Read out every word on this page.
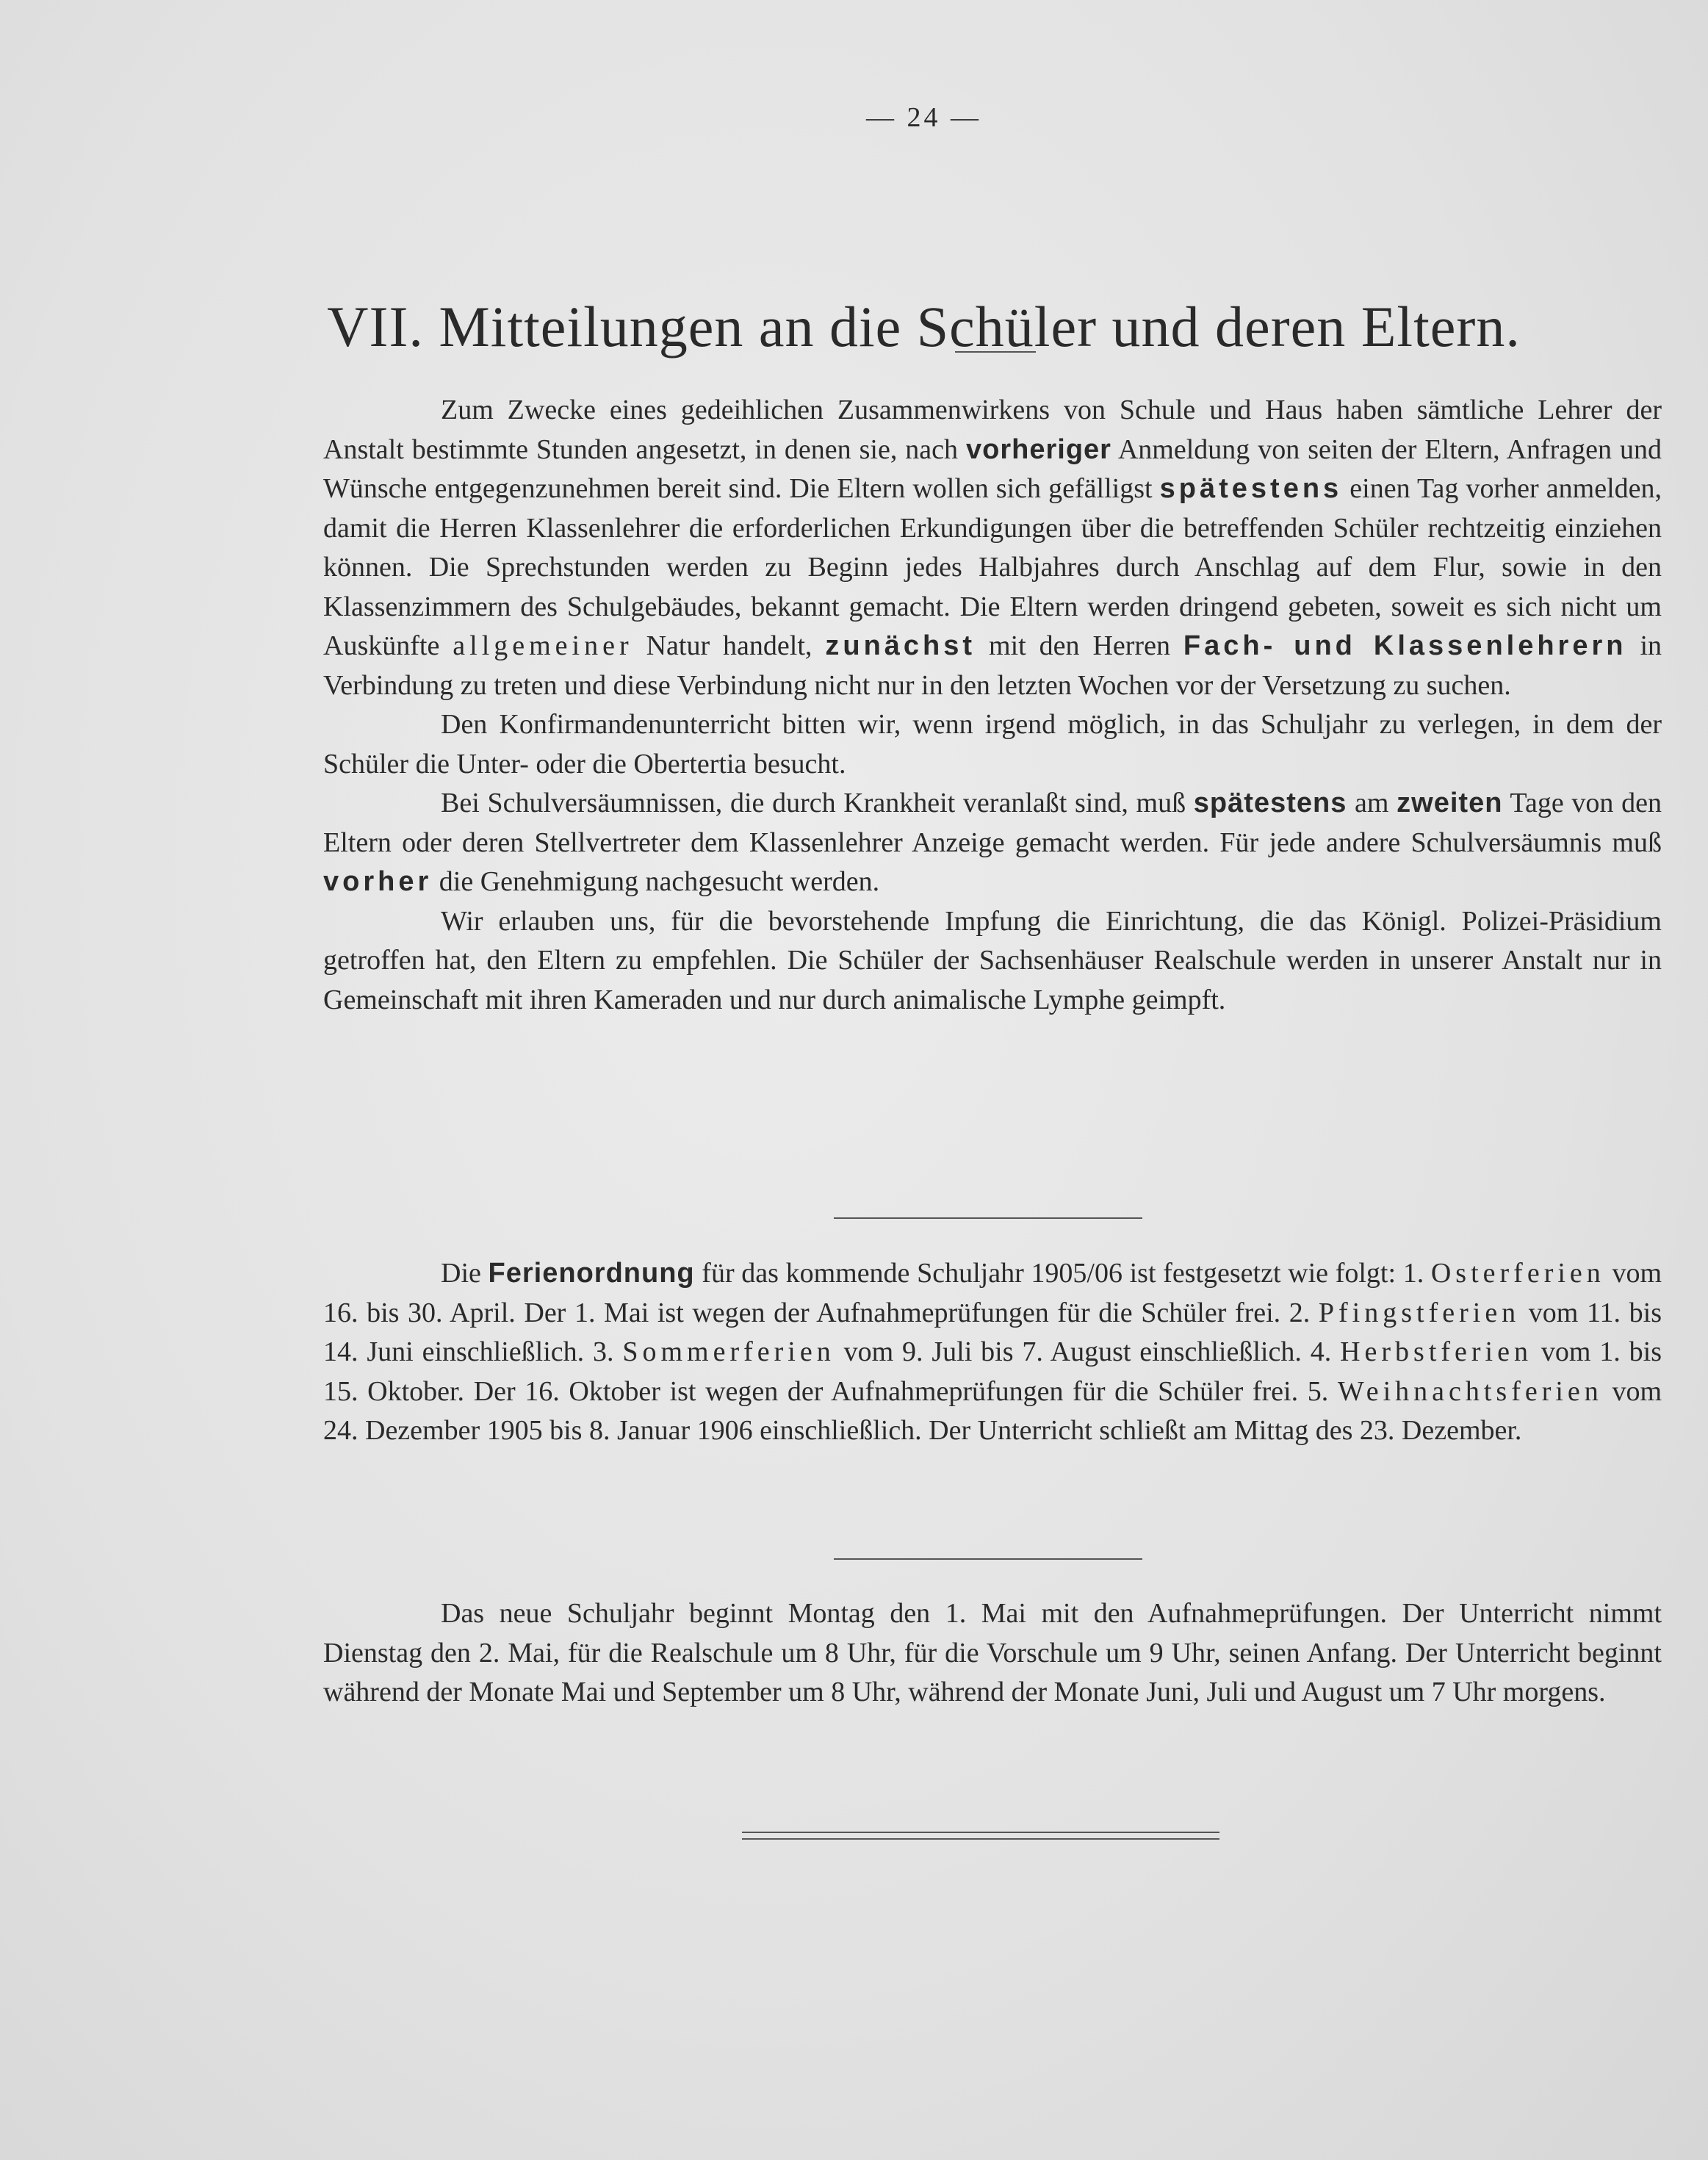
— 24 —
VII. Mitteilungen an die Schüler und deren Eltern.

Zum Zwecke eines gedeihlichen Zusammenwirkens von Schule und Haus haben sämtliche Lehrer der Anstalt bestimmte Stunden angesetzt, in denen sie, nach vorheriger Anmeldung von seiten der Eltern, Anfragen und Wünsche entgegenzunehmen bereit sind. Die Eltern wollen sich gefälligst spätestens einen Tag vorher anmelden, damit die Herren Klassenlehrer die erforderlichen Erkundigungen über die betreffenden Schüler rechtzeitig einziehen können. Die Sprechstunden werden zu Beginn jedes Halbjahres durch Anschlag auf dem Flur, sowie in den Klassenzimmern des Schulgebäudes, bekannt gemacht. Die Eltern werden dringend gebeten, soweit es sich nicht um Auskünfte allgemeiner Natur handelt, zunächst mit den Herren Fach- und Klassenlehrern in Verbindung zu treten und diese Verbindung nicht nur in den letzten Wochen vor der Versetzung zu suchen.

Den Konfirmandenunterricht bitten wir, wenn irgend möglich, in das Schuljahr zu verlegen, in dem der Schüler die Unter- oder die Obertertia besucht.

Bei Schulversäumnissen, die durch Krankheit veranlaßt sind, muß spätestens am zweiten Tage von den Eltern oder deren Stellvertreter dem Klassenlehrer Anzeige gemacht werden. Für jede andere Schulversäumnis muß vorher die Genehmigung nachgesucht werden.

Wir erlauben uns, für die bevorstehende Impfung die Einrichtung, die das Königl. Polizei-Präsidium getroffen hat, den Eltern zu empfehlen. Die Schüler der Sachsenhäuser Realschule werden in unserer Anstalt nur in Gemeinschaft mit ihren Kameraden und nur durch animalische Lymphe geimpft.

Die Ferienordnung für das kommende Schuljahr 1905/06 ist festgesetzt wie folgt: 1. Osterferien vom 16. bis 30. April. Der 1. Mai ist wegen der Aufnahmeprüfungen für die Schüler frei. 2. Pfingstferien vom 11. bis 14. Juni einschließlich. 3. Sommerferien vom 9. Juli bis 7. August einschließlich. 4. Herbstferien vom 1. bis 15. Oktober. Der 16. Oktober ist wegen der Aufnahmeprüfungen für die Schüler frei. 5. Weihnachtsferien vom 24. Dezember 1905 bis 8. Januar 1906 einschließlich. Der Unterricht schließt am Mittag des 23. Dezember.

Das neue Schuljahr beginnt Montag den 1. Mai mit den Aufnahmeprüfungen. Der Unterricht nimmt Dienstag den 2. Mai, für die Realschule um 8 Uhr, für die Vorschule um 9 Uhr, seinen Anfang. Der Unterricht beginnt während der Monate Mai und September um 8 Uhr, während der Monate Juni, Juli und August um 7 Uhr morgens.
